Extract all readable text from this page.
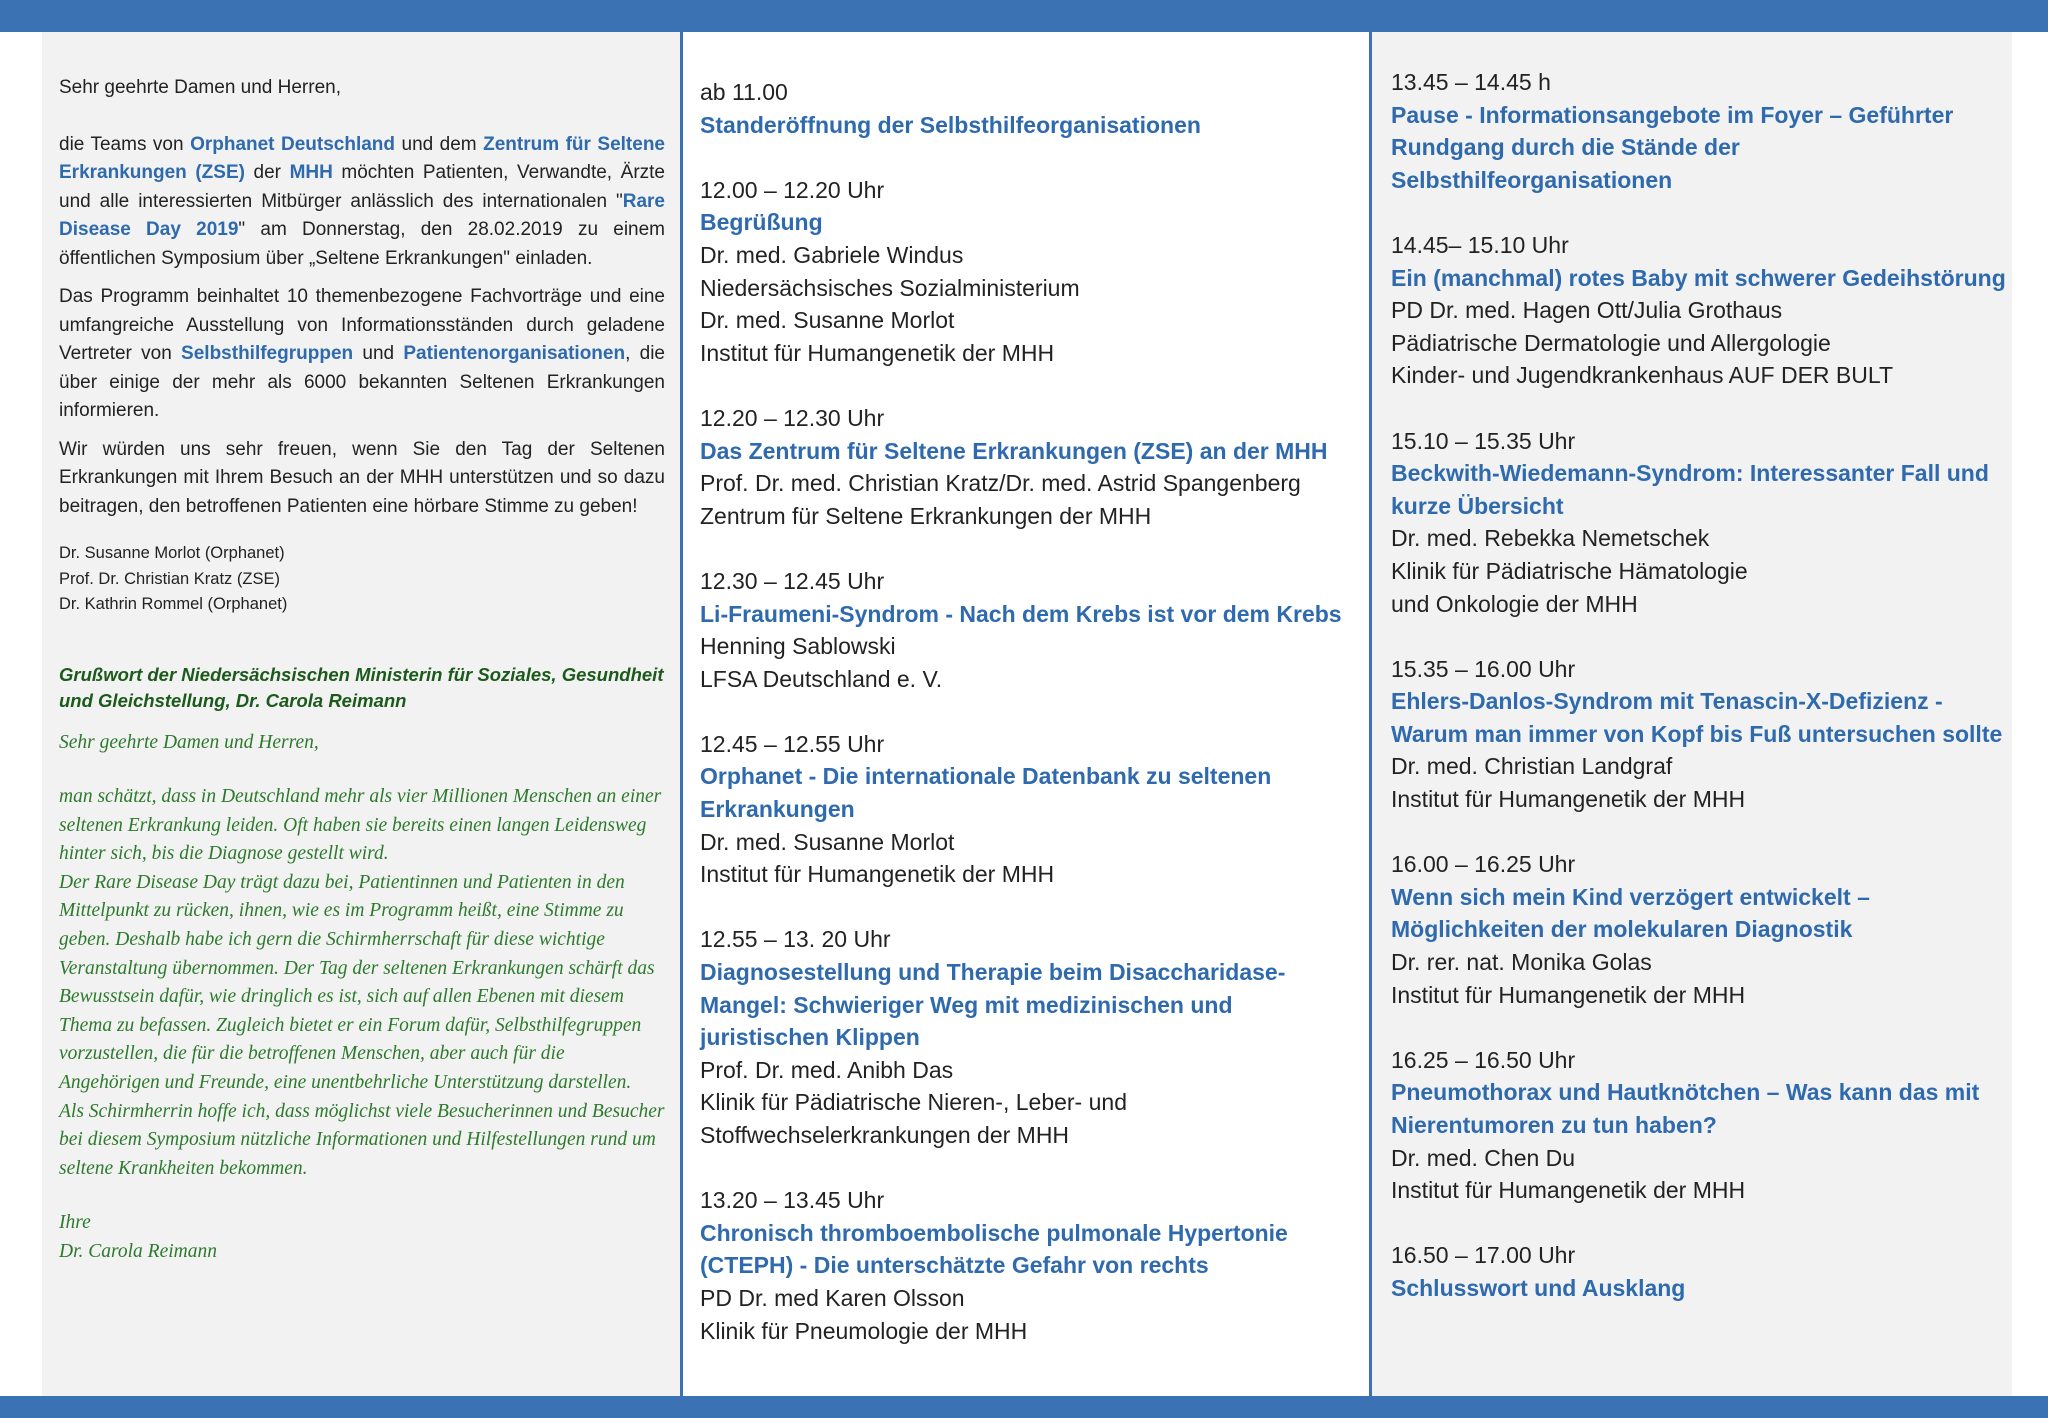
Sehr geehrte Damen und Herren,

die Teams von Orphanet Deutschland und dem Zentrum für Seltene Erkrankungen (ZSE) der MHH möchten Patienten, Verwandte, Ärzte und alle interessierten Mitbürger anlässlich des internationalen "Rare Disease Day 2019" am Donnerstag, den 28.02.2019 zu einem öffentlichen Symposium über „Seltene Erkrankungen" einladen.

Das Programm beinhaltet 10 themenbezogene Fachvorträge und eine umfangreiche Ausstellung von Informationsständen durch geladene Vertreter von Selbsthilfegruppen und Patientenorganisationen, die über einige der mehr als 6000 bekannten Seltenen Erkrankungen informieren.

Wir würden uns sehr freuen, wenn Sie den Tag der Seltenen Erkrankungen mit Ihrem Besuch an der MHH unterstützen und so dazu beitragen, den betroffenen Patienten eine hörbare Stimme zu geben!

Dr. Susanne Morlot (Orphanet)
Prof. Dr. Christian Kratz (ZSE)
Dr. Kathrin Rommel (Orphanet)
Grußwort der Niedersächsischen Ministerin für Soziales, Gesundheit und Gleichstellung, Dr. Carola Reimann

Sehr geehrte Damen und Herren,

man schätzt, dass in Deutschland mehr als vier Millionen Menschen an einer seltenen Erkrankung leiden. Oft haben sie bereits einen langen Leidensweg hinter sich, bis die Diagnose gestellt wird.

Der Rare Disease Day trägt dazu bei, Patientinnen und Patienten in den Mittelpunkt zu rücken, ihnen, wie es im Programm heißt, eine Stimme zu geben. Deshalb habe ich gern die Schirmherrschaft für diese wichtige Veranstaltung übernommen. Der Tag der seltenen Erkrankungen schärft das Bewusstsein dafür, wie dringlich es ist, sich auf allen Ebenen mit diesem Thema zu befassen. Zugleich bietet er ein Forum dafür, Selbsthilfegruppen vorzustellen, die für die betroffenen Menschen, aber auch für die Angehörigen und Freunde, eine unentbehrliche Unterstützung darstellen.

Als Schirmherrin hoffe ich, dass möglichst viele Besucherinnen und Besucher bei diesem Symposium nützliche Informationen und Hilfestellungen rund um seltene Krankheiten bekommen.

Ihre

Dr. Carola Reimann

ab 11.00
Standeröffnung der Selbsthilfeorganisationen
12.00 – 12.20 Uhr
Begrüßung
Dr. med. Gabriele Windus
Niedersächsisches Sozialministerium
Dr. med. Susanne Morlot
Institut für Humangenetik der MHH
12.20 – 12.30 Uhr
Das Zentrum für Seltene Erkrankungen (ZSE) an der MHH
Prof. Dr. med. Christian Kratz/Dr. med. Astrid Spangenberg
Zentrum für Seltene Erkrankungen der MHH
12.30 – 12.45 Uhr
Li-Fraumeni-Syndrom - Nach dem Krebs ist vor dem Krebs
Henning Sablowski
LFSA Deutschland e. V.
12.45 – 12.55 Uhr
Orphanet - Die internationale Datenbank zu seltenen Erkrankungen
Dr. med. Susanne Morlot
Institut für Humangenetik der MHH
12.55 – 13. 20 Uhr
Diagnosestellung und Therapie beim Disaccharidase-Mangel: Schwieriger Weg mit medizinischen und juristischen Klippen
Prof. Dr. med. Anibh Das
Klinik für Pädiatrische Nieren-, Leber- und
Stoffwechselerkrankungen der MHH
13.20 – 13.45 Uhr
Chronisch thromboembolische pulmonale Hypertonie (CTEPH) - Die unterschätzte Gefahr von rechts
PD Dr. med Karen Olsson
Klinik für Pneumologie der MHH
13.45 – 14.45 h
Pause - Informationsangebote im Foyer – Geführter Rundgang durch die Stände der Selbsthilfeorganisationen
14.45– 15.10 Uhr
Ein (manchmal) rotes Baby mit schwerer Gedeihstörung
PD Dr. med. Hagen Ott/Julia Grothaus
Pädiatrische Dermatologie und Allergologie
Kinder- und Jugendkrankenhaus AUF DER BULT
15.10 – 15.35 Uhr
Beckwith-Wiedemann-Syndrom: Interessanter Fall und kurze Übersicht
Dr. med. Rebekka Nemetschek
Klinik für Pädiatrische Hämatologie
und Onkologie der MHH
15.35 – 16.00 Uhr
Ehlers-Danlos-Syndrom mit Tenascin-X-Defizienz - Warum man immer von Kopf bis Fuß untersuchen sollte
Dr. med. Christian Landgraf
Institut für Humangenetik der MHH
16.00 – 16.25 Uhr
Wenn sich mein Kind verzögert entwickelt – Möglichkeiten der molekularen Diagnostik
Dr. rer. nat. Monika Golas
Institut für Humangenetik der MHH
16.25 – 16.50 Uhr
Pneumothorax und Hautknötchen – Was kann das mit Nierentumoren zu tun haben?
Dr. med. Chen Du
Institut für Humangenetik der MHH
16.50 – 17.00 Uhr
Schlusswort und Ausklang
